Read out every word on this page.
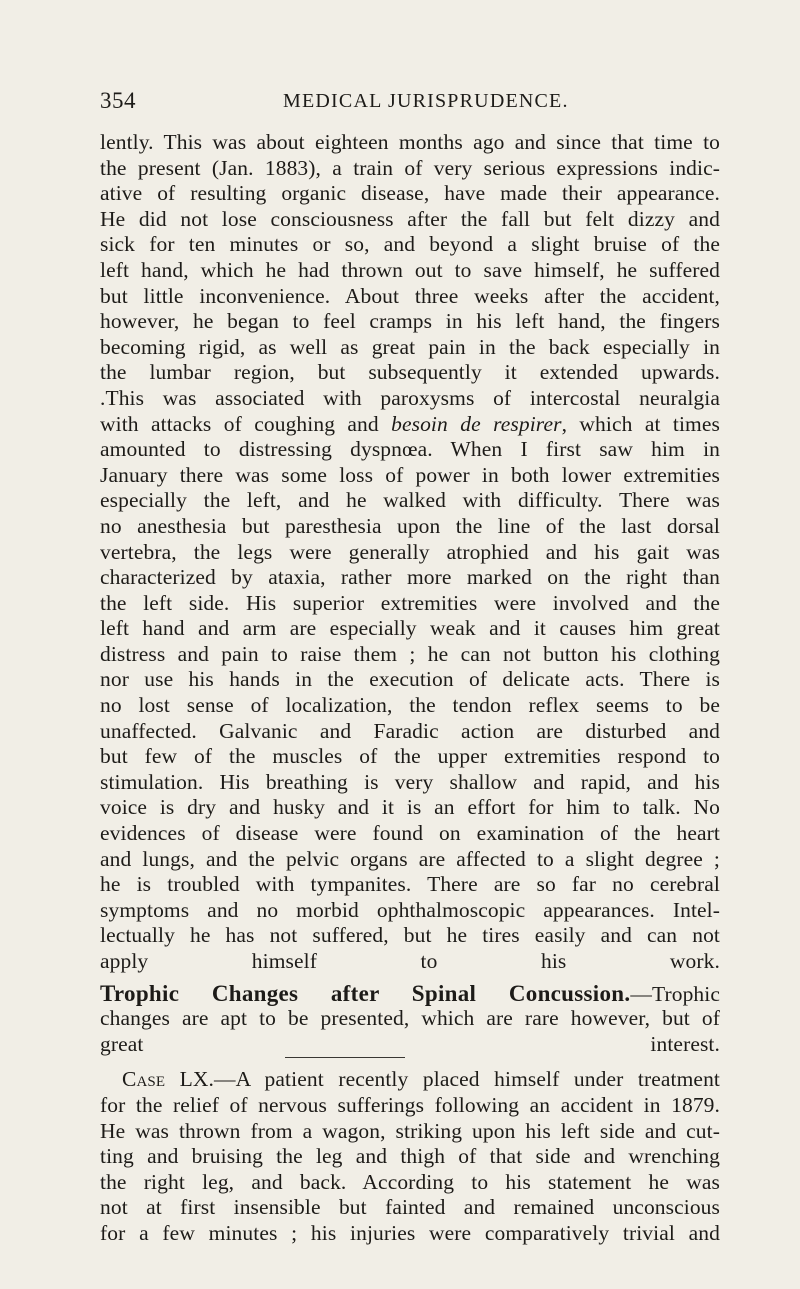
354	MEDICAL JURISPRUDENCE.
lently. This was about eighteen months ago and since that time to
the present (Jan. 1883), a train of very serious expressions indic-
ative of resulting organic disease, have made their appearance.
He did not lose consciousness after the fall but felt dizzy and
sick for ten minutes or so, and beyond a slight bruise of the
left hand, which he had thrown out to save himself, he suffered
but little inconvenience. About three weeks after the accident,
however, he began to feel cramps in his left hand, the fingers
becoming rigid, as well as great pain in the back especially in
the lumbar region, but subsequently it extended upwards.
.This was associated with paroxysms of intercostal neuralgia
with attacks of coughing and besoin de respirer, which at times
amounted to distressing dyspnœa. When I first saw him in
January there was some loss of power in both lower extremities
especially the left, and he walked with difficulty. There was
no anesthesia but paresthesia upon the line of the last dorsal
vertebra, the legs were generally atrophied and his gait was
characterized by ataxia, rather more marked on the right than
the left side. His superior extremities were involved and the
left hand and arm are especially weak and it causes him great
distress and pain to raise them ; he can not button his clothing
nor use his hands in the execution of delicate acts. There is
no lost sense of localization, the tendon reflex seems to be
unaffected. Galvanic and Faradic action are disturbed and
but few of the muscles of the upper extremities respond to
stimulation. His breathing is very shallow and rapid, and his
voice is dry and husky and it is an effort for him to talk. No
evidences of disease were found on examination of the heart
and lungs, and the pelvic organs are affected to a slight degree ;
he is troubled with tympanites. There are so far no cerebral
symptoms and no morbid ophthalmoscopic appearances. Intel-
lectually he has not suffered, but he tires easily and can not
apply himself to his work.
Trophic Changes after Spinal Concussion.—Trophic
changes are apt to be presented, which are rare however, but of
great interest.
Case LX.—A patient recently placed himself under treatment
for the relief of nervous sufferings following an accident in 1879.
He was thrown from a wagon, striking upon his left side and cut-
ting and bruising the leg and thigh of that side and wrenching
the right leg, and back. According to his statement he was
not at first insensible but fainted and remained unconscious
for a few minutes ; his injuries were comparatively trivial and
